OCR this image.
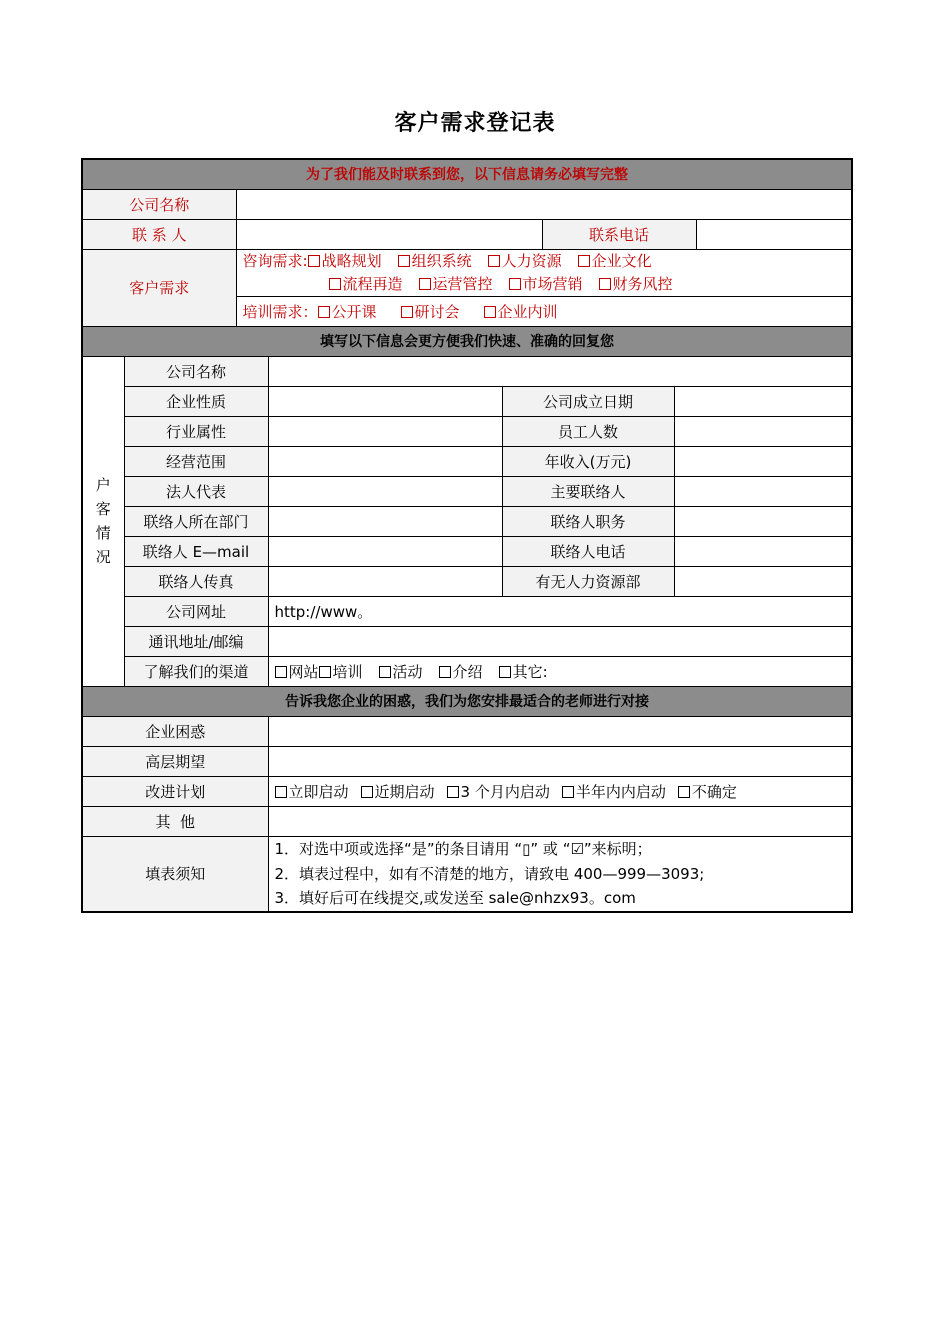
客户需求登记表
为了我们能及时联系到您，以下信息请务必填写完整							
公司名称							
联 系 人					联系电话		
客户需求		咨询需求: 战略规划 组织系统 人力资源 企业文化
流程再造 运营管控 市场营销 财务风控					

		培训需求： 公开课 研讨会 企业内训					
填写以下信息会更方便我们快速、准确的回复您							

户
客
情
况	公司名称						
	企业性质			公司成立日期			
	行业属性			员工人数			
	经营范围			年收入(万元)			
	法人代表			主要联络人			
	联络人所在部门			联络人职务			
	联络人 E—mail			联络人电话			
	联络人传真			有无人力资源部			
	公司网址		http://www。				
	通讯地址/邮编						
	了解我们的渠道		网站 培训 活动 介绍 其它:				
告诉我您企业的困惑，我们为您安排最适合的老师进行对接							
企业困惑							
高层期望							
改进计划			立即启动 近期启动 3 个月内启动 半年内内启动 不确定				
其  他							
填表须知			1．对选中项或选择“是”的条目请用 “▯” 或 “☑”来标明；
2．填表过程中，如有不清楚的地方，请致电 400—999—3093;
3．填好后可在线提交,或发送至 sale@nhzx93。com				
